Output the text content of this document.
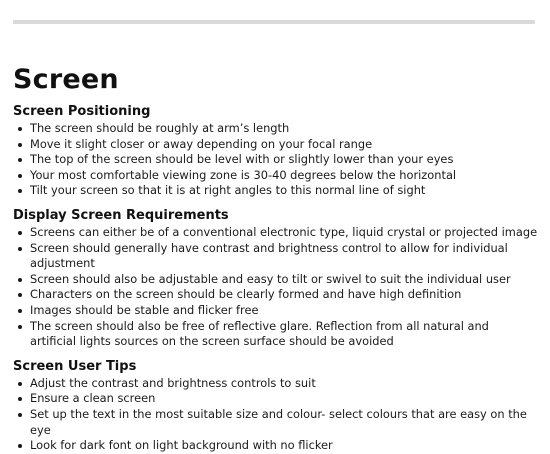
Screen
Screen Positioning
The screen should be roughly at arm’s length
Move it slight closer or away depending on your focal range
The top of the screen should be level with or slightly lower than your eyes
Your most comfortable viewing zone is 30-40 degrees below the horizontal
Tilt your screen so that it is at right angles to this normal line of sight
Display Screen Requirements
Screens can either be of a conventional electronic type, liquid crystal or projected image
Screen should generally have contrast and brightness control to allow for individual adjustment
Screen should also be adjustable and easy to tilt or swivel to suit the individual user
Characters on the screen should be clearly formed and have high definition
Images should be stable and flicker free
The screen should also be free of reflective glare. Reflection from all natural and artificial lights sources on the screen surface should be avoided
Screen User Tips
Adjust the contrast and brightness controls to suit
Ensure a clean screen
Set up the text in the most suitable size and colour- select colours that are easy on the eye
Look for dark font on light background with no flicker
